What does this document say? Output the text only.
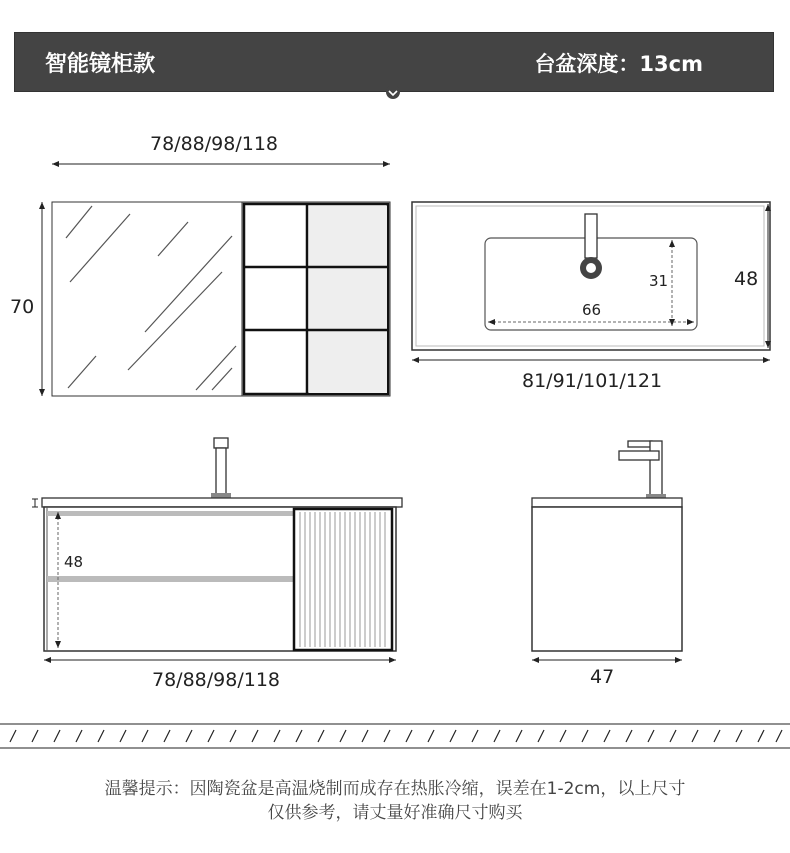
智能镜柜款	台盆深度：13cm
78/88/98/118
70
48
31
66
81/91/101/121
48
78/88/98/118	47
温馨提示：因陶瓷盆是高温烧制而成存在热胀冷缩，误差在1-2cm，以上尺寸
仅供参考，请丈量好准确尺寸购买
